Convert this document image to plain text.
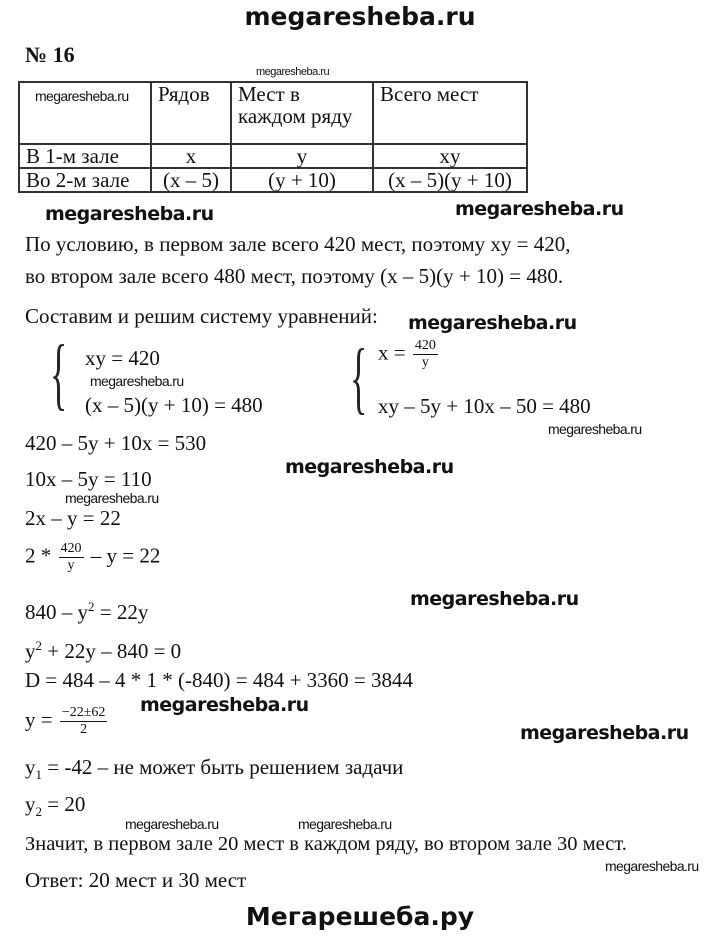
megaresheba.ru
№ 16
	Рядов	Мест в каждом ряду	Всего мест
В 1-м зале	x	y	xy
Во 2-м зале	(x – 5)	(y + 10)	(x – 5)(y + 10)
По условию, в первом зале всего 420 мест, поэтому xy = 420,
во втором зале всего 480 мест, поэтому (x – 5)(y + 10) = 480.
Составим и решим систему уравнений:
{ xy = 420
(x – 5)(y + 10) = 480 { $x = \frac{420}{y}$
xy – 5y + 10x – 50 = 480
420 – 5y + 10x = 530
10x – 5y = 110
2x – y = 22
$2 * \frac{420}{y} - y = 22$
$840 - y^2 = 22y$
$y^2 + 22y - 840 = 0$
D = 484 – 4 * 1 * (-840) = 484 + 3360 = 3844
$y = \frac{-22\pm 62}{2}$
$y_1 = -42$ – не может быть решением задачи
$y_2 = 20$
Значит, в первом зале 20 мест в каждом ряду, во втором зале 30 мест.
Ответ: 20 мест и 30 мест
megaresheba.ru
megaresheba.ru
megaresheba.ru
megaresheba.ru
megaresheba.ru
megaresheba.ru
megaresheba.ru
megaresheba.ru
megaresheba.ru
megaresheba.ru
megaresheba.ru
megaresheba.ru
megaresheba.ru	megaresheba.ru
megaresheba.ru
Мегарешеба.ру
